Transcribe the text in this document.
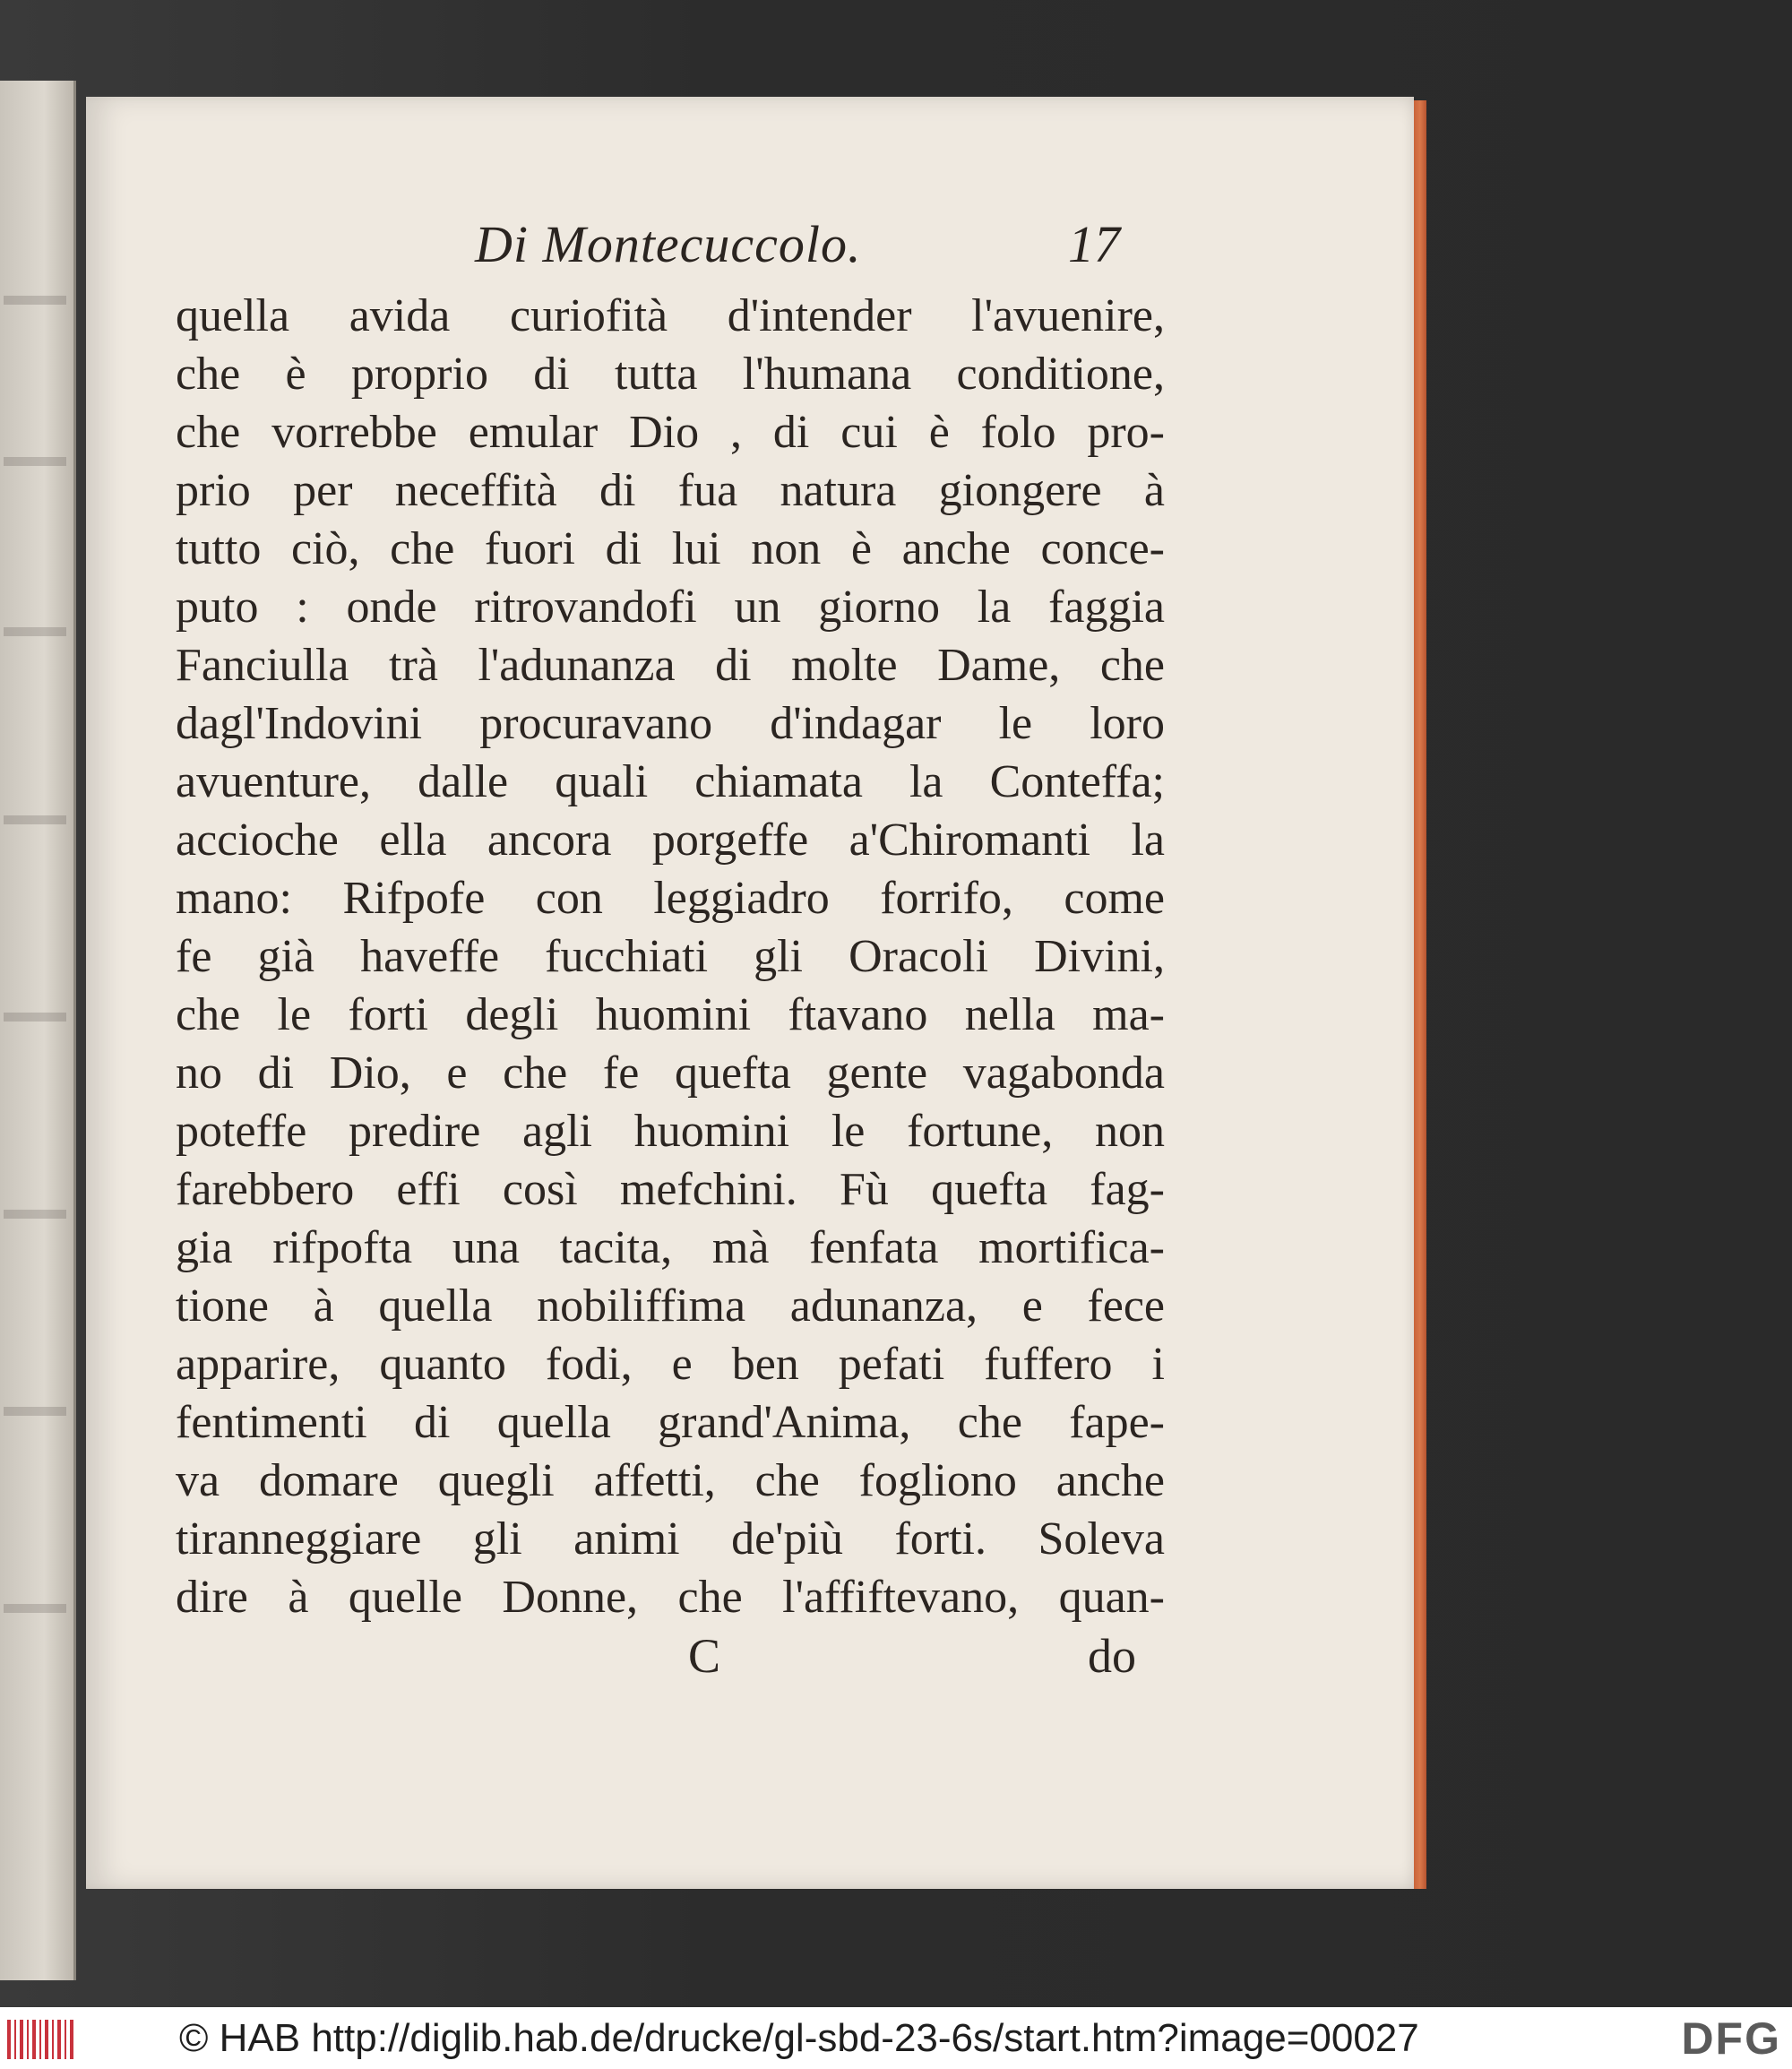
Di Montecuccolo.	17
quella avida curiofità d'intender l'avuenire,
che è proprio di tutta l'humana conditione,
che vorrebbe emular Dio , di cui è folo pro-
prio per neceffità di fua natura giongere à
tutto ciò, che fuori di lui non è anche conce-
puto : onde ritrovandofi un giorno la faggia
Fanciulla trà l'adunanza di molte Dame, che
dagl'Indovini procuravano d'indagar le loro
avuenture, dalle quali chiamata la Conteffa;
accioche ella ancora porgeffe a'Chiromanti la
mano: Rifpofe con leggiadro forrifo, come
fe già haveffe fucchiati gli Oracoli Divini,
che le forti degli huomini ftavano nella ma-
no di Dio, e che fe quefta gente vagabonda
poteffe predire agli huomini le fortune, non
farebbero effi così mefchini. Fù quefta fag-
gia rifpofta una tacita, mà fenfata mortifica-
tione à quella nobiliffima adunanza, e fece
apparire, quanto fodi, e ben pefati fuffero i
fentimenti di quella grand'Anima, che fape-
va domare quegli affetti, che fogliono anche
tiranneggiare gli animi de'più forti. Soleva
dire à quelle Donne, che l'affiftevano, quan-
C	do
© HAB http://diglib.hab.de/drucke/gl-sbd-23-6s/start.htm?image=00027	DFG
